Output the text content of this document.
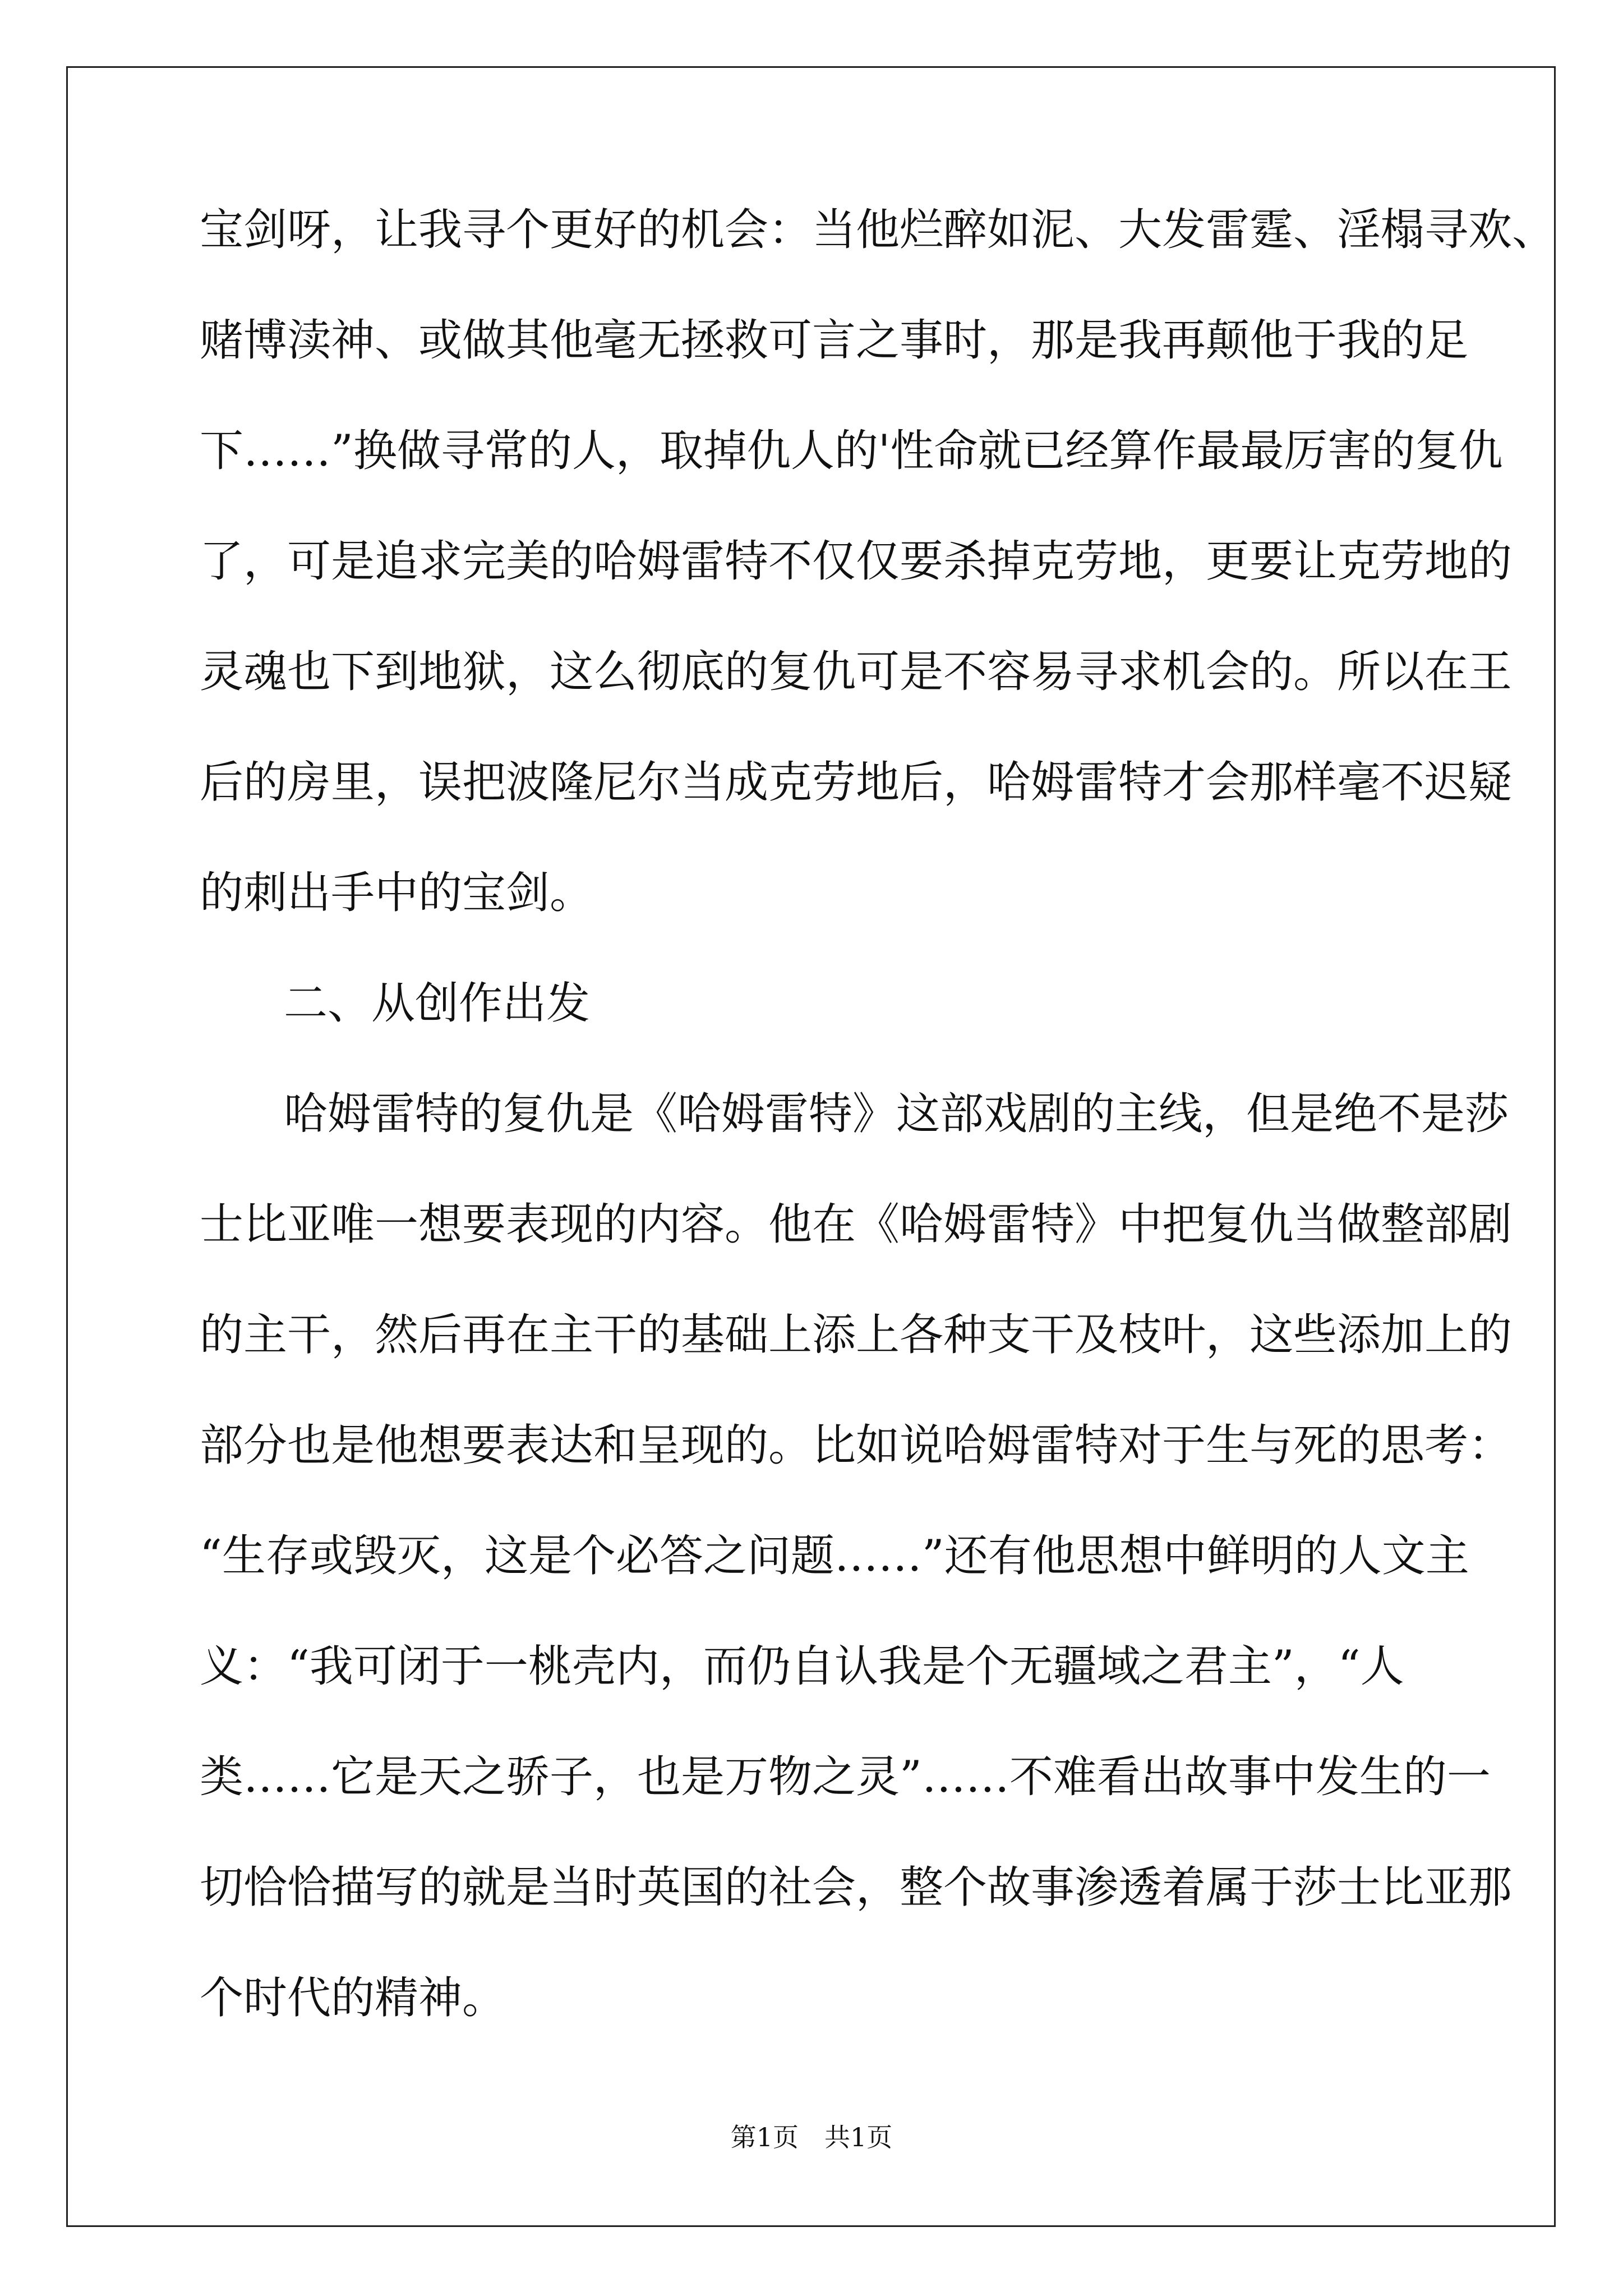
宝剑呀，让我寻个更好的机会：当他烂醉如泥、大发雷霆、淫榻寻欢、
赌博渎神、或做其他毫无拯救可言之事时，那是我再颠他于我的足
下……”换做寻常的人，取掉仇人的'性命就已经算作最最厉害的复仇
了，可是追求完美的哈姆雷特不仅仅要杀掉克劳地，更要让克劳地的
灵魂也下到地狱，这么彻底的复仇可是不容易寻求机会的。所以在王
后的房里，误把波隆尼尔当成克劳地后，哈姆雷特才会那样毫不迟疑
的刺出手中的宝剑。
二、从创作出发
哈姆雷特的复仇是《哈姆雷特》这部戏剧的主线，但是绝不是莎
士比亚唯一想要表现的内容。他在《哈姆雷特》中把复仇当做整部剧
的主干，然后再在主干的基础上添上各种支干及枝叶，这些添加上的
部分也是他想要表达和呈现的。比如说哈姆雷特对于生与死的思考：
“生存或毁灭，这是个必答之问题……”还有他思想中鲜明的人文主
义：“我可闭于一桃壳内，而仍自认我是个无疆域之君主”，“人
类……它是天之骄子，也是万物之灵”……不难看出故事中发生的一
切恰恰描写的就是当时英国的社会，整个故事渗透着属于莎士比亚那
个时代的精神。
第1页　共1页
